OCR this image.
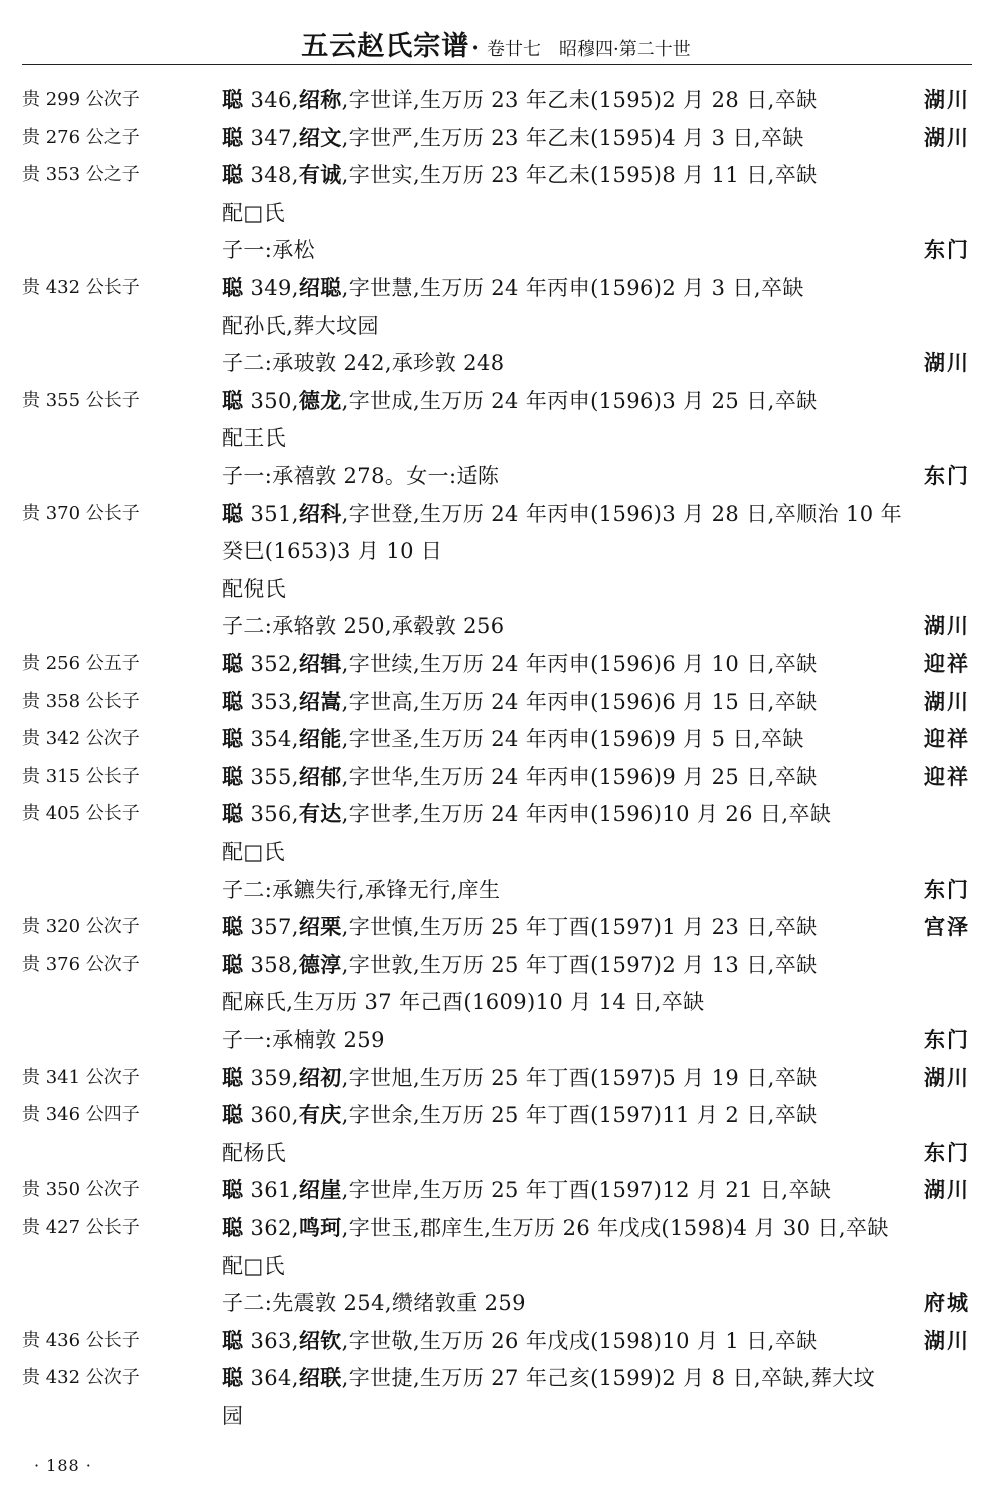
五云赵氏宗谱· 卷廿七　昭穆四·第二十世
贵 299 公次子	聪 346,绍称,字世详,生万历 23 年乙未(1595)2 月 28 日,卒缺	湖川
贵 276 公之子	聪 347,绍文,字世严,生万历 23 年乙未(1595)4 月 3 日,卒缺	湖川
贵 353 公之子	聪 348,有诚,字世实,生万历 23 年乙未(1595)8 月 11 日,卒缺
配□氏
子一:承松	东门
贵 432 公长子	聪 349,绍聪,字世慧,生万历 24 年丙申(1596)2 月 3 日,卒缺
配孙氏,葬大坟园
子二:承玻敦 242,承珍敦 248	湖川
贵 355 公长子	聪 350,德龙,字世成,生万历 24 年丙申(1596)3 月 25 日,卒缺
配王氏
子一:承禧敦 278。女一:适陈	东门
贵 370 公长子	聪 351,绍科,字世登,生万历 24 年丙申(1596)3 月 28 日,卒顺治 10 年
癸巳(1653)3 月 10 日
配倪氏
子二:承辂敦 250,承毂敦 256	湖川
贵 256 公五子	聪 352,绍辑,字世续,生万历 24 年丙申(1596)6 月 10 日,卒缺	迎祥
贵 358 公长子	聪 353,绍嵩,字世高,生万历 24 年丙申(1596)6 月 15 日,卒缺	湖川
贵 342 公次子	聪 354,绍能,字世圣,生万历 24 年丙申(1596)9 月 5 日,卒缺	迎祥
贵 315 公长子	聪 355,绍郁,字世华,生万历 24 年丙申(1596)9 月 25 日,卒缺	迎祥
贵 405 公长子	聪 356,有达,字世孝,生万历 24 年丙申(1596)10 月 26 日,卒缺
配□氏
子二:承鑣失行,承锋无行,庠生	东门
贵 320 公次子	聪 357,绍栗,字世慎,生万历 25 年丁酉(1597)1 月 23 日,卒缺	宫泽
贵 376 公次子	聪 358,德淳,字世敦,生万历 25 年丁酉(1597)2 月 13 日,卒缺
配麻氏,生万历 37 年己酉(1609)10 月 14 日,卒缺
子一:承楠敦 259	东门
贵 341 公次子	聪 359,绍初,字世旭,生万历 25 年丁酉(1597)5 月 19 日,卒缺	湖川
贵 346 公四子	聪 360,有庆,字世余,生万历 25 年丁酉(1597)11 月 2 日,卒缺
配杨氏	东门
贵 350 公次子	聪 361,绍崖,字世岸,生万历 25 年丁酉(1597)12 月 21 日,卒缺	湖川
贵 427 公长子	聪 362,鸣珂,字世玉,郡庠生,生万历 26 年戊戌(1598)4 月 30 日,卒缺
配□氏
子二:先震敦 254,缵绪敦重 259	府城
贵 436 公长子	聪 363,绍钦,字世敬,生万历 26 年戊戌(1598)10 月 1 日,卒缺	湖川
贵 432 公次子	聪 364,绍联,字世捷,生万历 27 年己亥(1599)2 月 8 日,卒缺,葬大坟
园
· 188 ·
